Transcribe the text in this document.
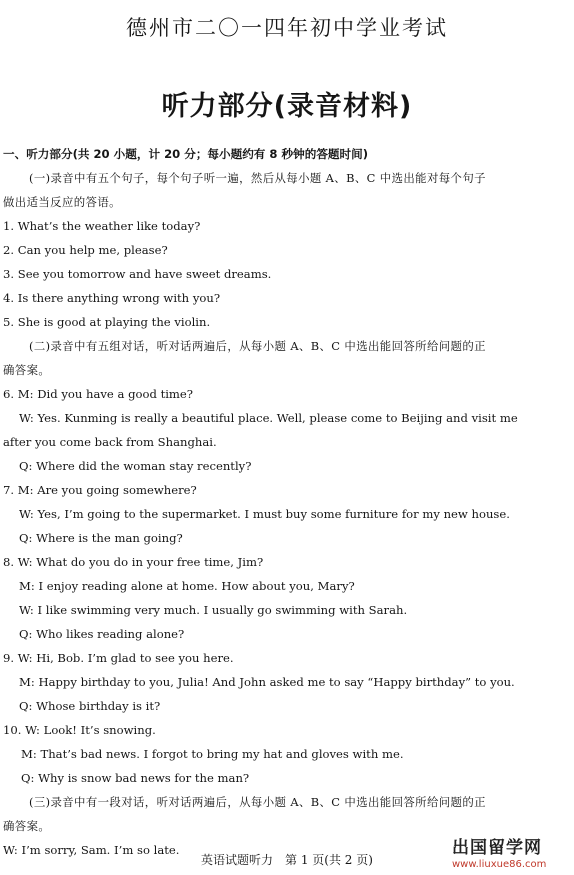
德州市二〇一四年初中学业考试
听力部分(录音材料)
一、听力部分(共 20 小题，计 20 分；每小题约有 8 秒钟的答题时间)
(一)录音中有五个句子，每个句子听一遍，然后从每小题 A、B、C 中选出能对每个句子
做出适当反应的答语。
1. What’s the weather like today?
2. Can you help me, please?
3. See you tomorrow and have sweet dreams.
4. Is there anything wrong with you?
5. She is good at playing the violin.
(二)录音中有五组对话，听对话两遍后，从每小题 A、B、C 中选出能回答所给问题的正
确答案。
6. M: Did you have a good time?
W: Yes. Kunming is really a beautiful place. Well, please come to Beijing and visit me
after you come back from Shanghai.
Q: Where did the woman stay recently?
7. M: Are you going somewhere?
W: Yes, I’m going to the supermarket. I must buy some furniture for my new house.
Q: Where is the man going?
8. W: What do you do in your free time, Jim?
M: I enjoy reading alone at home. How about you, Mary?
W: I like swimming very much. I usually go swimming with Sarah.
Q: Who likes reading alone?
9. W: Hi, Bob. I’m glad to see you here.
M: Happy birthday to you, Julia! And John asked me to say “Happy birthday” to you.
Q: Whose birthday is it?
10. W: Look! It’s snowing.
M: That’s bad news. I forgot to bring my hat and gloves with me.
Q: Why is snow bad news for the man?
(三)录音中有一段对话，听对话两遍后，从每小题 A、B、C 中选出能回答所给问题的正
确答案。
W: I’m sorry, Sam. I’m so late.
英语试题听力　第 1 页(共 2 页)
出国留学网
www.liuxue86.com
